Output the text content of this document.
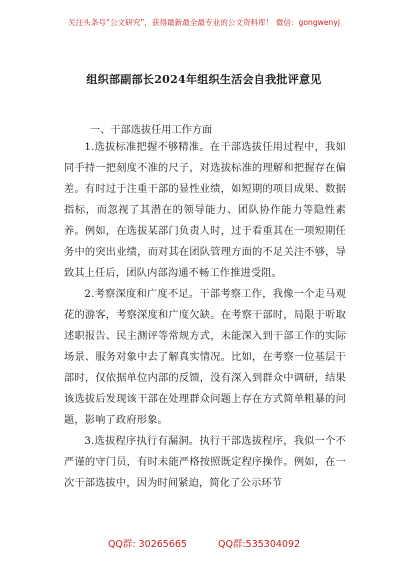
关注头条号“公文研究”，获得最新最全最专业的公文资料库！ 微信：gongwenyj
组织部副部长2024年组织生活会自我批评意见
一、干部选拔任用工作方面

1.选拔标准把握不够精准。在干部选拔任用过程中，我如同手持一把刻度不准的尺子，对选拔标准的理解和把握存在偏差。有时过于注重干部的显性业绩，如短期的项目成果、数据指标，而忽视了其潜在的领导能力、团队协作能力等隐性素养。例如，在选拔某部门负责人时，过于看重其在一项短期任务中的突出业绩，而对其在团队管理方面的不足关注不够，导致其上任后，团队内部沟通不畅工作推进受阻。

2.考察深度和广度不足。干部考察工作，我像一个走马观花的游客，考察深度和广度欠缺。在考察干部时，局限于听取述职报告、民主测评等常规方式，未能深入到干部工作的实际场景、服务对象中去了解真实情况。比如，在考察一位基层干部时，仅依据单位内部的反馈，没有深入到群众中调研，结果该选拔后发现该干部在处理群众问题上存在方式简单粗暴的问题，影响了政府形象。

3.选拔程序执行有漏洞。执行干部选拔程序，我似一个不严谨的守门员，有时未能严格按照既定程序操作。例如，在一次干部选拔中，因为时间紧迫，简化了公示环节

QQ群: 30265665	QQ群:535304092
